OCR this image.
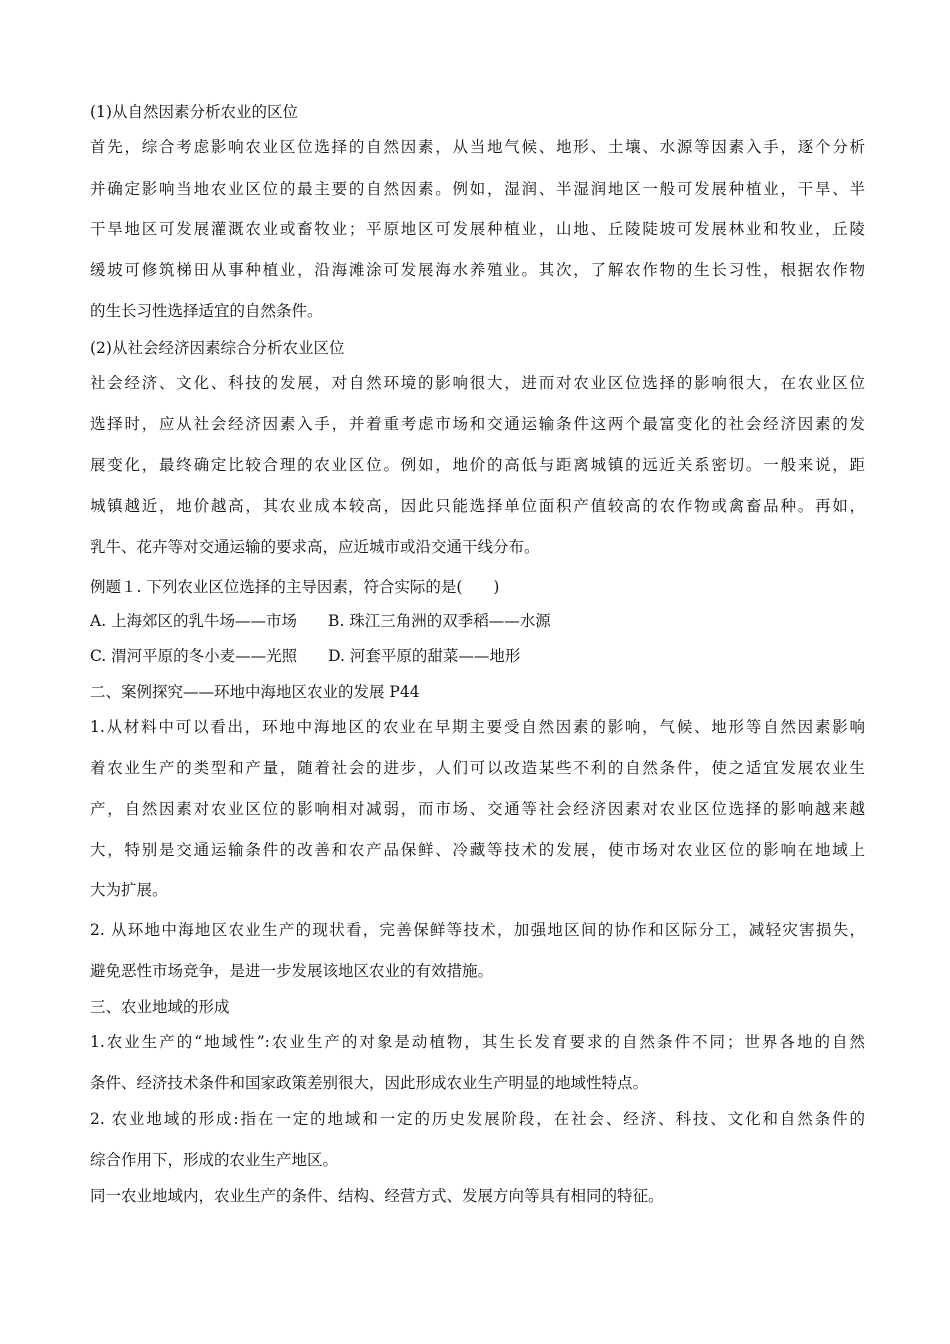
(1)从自然因素分析农业的区位
首先，综合考虑影响农业区位选择的自然因素，从当地气候、地形、土壤、水源等因素入手，逐个分析
并确定影响当地农业区位的最主要的自然因素。例如，湿润、半湿润地区一般可发展种植业，干旱、半
干旱地区可发展灌溉农业或畜牧业；平原地区可发展种植业，山地、丘陵陡坡可发展林业和牧业，丘陵
缓坡可修筑梯田从事种植业，沿海滩涂可发展海水养殖业。其次，了解农作物的生长习性，根据农作物
的生长习性选择适宜的自然条件。
(2)从社会经济因素综合分析农业区位
社会经济、文化、科技的发展，对自然环境的影响很大，进而对农业区位选择的影响很大，在农业区位
选择时，应从社会经济因素入手，并着重考虑市场和交通运输条件这两个最富变化的社会经济因素的发
展变化，最终确定比较合理的农业区位。例如，地价的高低与距离城镇的远近关系密切。一般来说，距
城镇越近，地价越高，其农业成本较高，因此只能选择单位面积产值较高的农作物或禽畜品种。再如，
乳牛、花卉等对交通运输的要求高，应近城市或沿交通干线分布。
例题１. 下列农业区位选择的主导因素，符合实际的是(　　)
A. 上海郊区的乳牛场——市场　　B. 珠江三角洲的双季稻——水源
C. 渭河平原的冬小麦——光照　　D. 河套平原的甜菜——地形
二、案例探究——环地中海地区农业的发展 P44
1.从材料中可以看出，环地中海地区的农业在早期主要受自然因素的影响，气候、地形等自然因素影响
着农业生产的类型和产量，随着社会的进步，人们可以改造某些不利的自然条件，使之适宜发展农业生
产，自然因素对农业区位的影响相对减弱，而市场、交通等社会经济因素对农业区位选择的影响越来越
大，特别是交通运输条件的改善和农产品保鲜、冷藏等技术的发展，使市场对农业区位的影响在地域上
大为扩展。
2. 从环地中海地区农业生产的现状看，完善保鲜等技术，加强地区间的协作和区际分工，减轻灾害损失，
避免恶性市场竞争，是进一步发展该地区农业的有效措施。
三、农业地域的形成
1.农业生产的“地域性”:农业生产的对象是动植物，其生长发育要求的自然条件不同；世界各地的自然
条件、经济技术条件和国家政策差别很大，因此形成农业生产明显的地域性特点。
2. 农业地域的形成:指在一定的地域和一定的历史发展阶段，在社会、经济、科技、文化和自然条件的
综合作用下，形成的农业生产地区。
同一农业地域内，农业生产的条件、结构、经营方式、发展方向等具有相同的特征。
